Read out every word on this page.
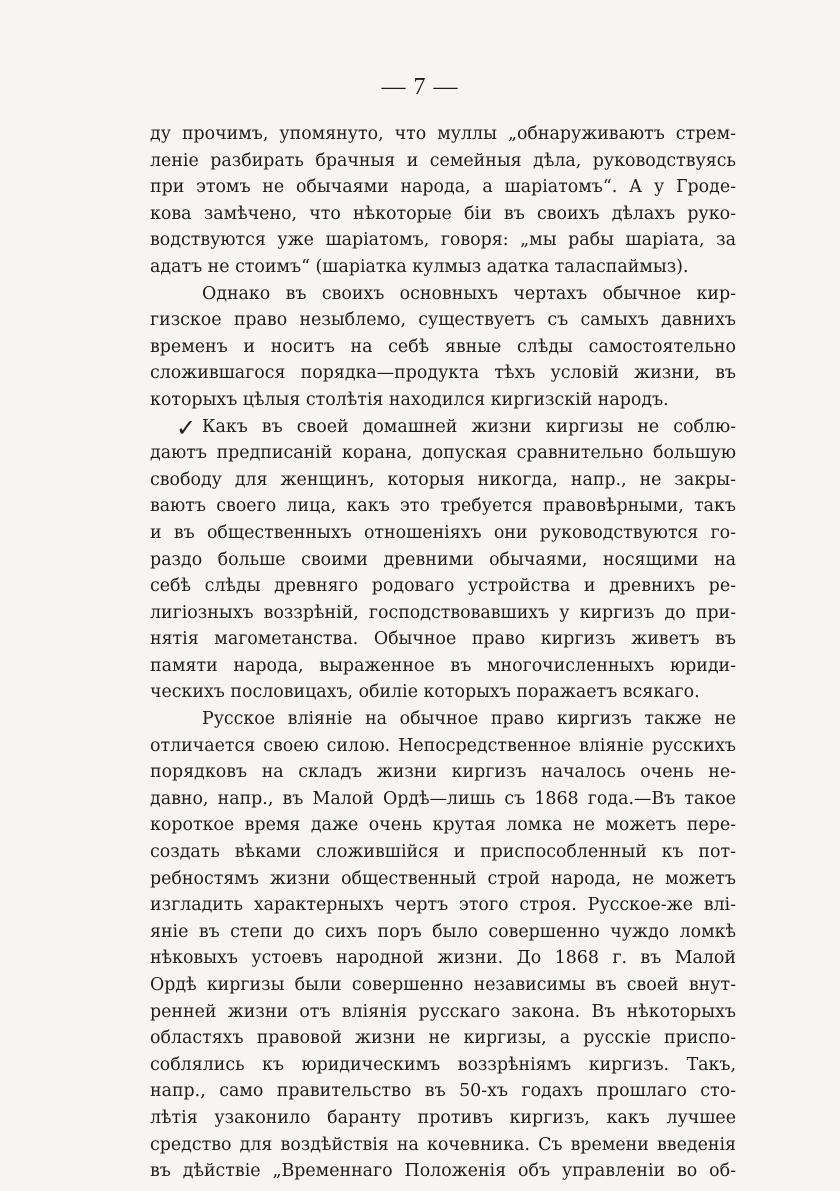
— 7 —
✓
ду прочимъ, упомянуто, что муллы „обнаруживаютъ стрем-
леніе разбирать брачныя и семейныя дѣла, руководствуясь
при этомъ не обычаями народа, а шаріатомъ“. А у Гроде-
кова замѣчено, что нѣкоторые біи въ своихъ дѣлахъ руко-
водствуются уже шаріатомъ, говоря: „мы рабы шаріата, за
адатъ не стоимъ“ (шаріатка кулмыз адатка таласпаймыз).
Однако въ своихъ основныхъ чертахъ обычное кир-
гизское право незыблемо, существуетъ съ самыхъ давнихъ
временъ и носитъ на себѣ явные слѣды самостоятельно
сложившагося порядка—продукта тѣхъ условій жизни, въ
которыхъ цѣлыя столѣтія находился киргизскій народъ.
Какъ въ своей домашней жизни киргизы не соблю-
даютъ предписаній корана, допуская сравнительно большую
свободу для женщинъ, которыя никогда, напр., не закры-
ваютъ своего лица, какъ это требуется правовѣрными, такъ
и въ общественныхъ отношеніяхъ они руководствуются го-
раздо больше своими древними обычаями, носящими на
себѣ слѣды древняго родоваго устройства и древнихъ ре-
лигіозныхъ воззрѣній, господствовавшихъ у киргизъ до при-
нятія магометанства. Обычное право киргизъ живетъ въ
памяти народа, выраженное въ многочисленныхъ юриди-
ческихъ пословицахъ, обиліе которыхъ поражаетъ всякаго.
Русское вліяніе на обычное право киргизъ также не
отличается своею силою. Непосредственное вліяніе русскихъ
порядковъ на складъ жизни киргизъ началось очень не-
давно, напр., въ Малой Ордѣ—лишь съ 1868 года.—Въ такое
короткое время даже очень крутая ломка не можетъ пере-
создать вѣками сложившійся и приспособленный къ пот-
ребностямъ жизни общественный строй народа, не можетъ
изгладить характерныхъ чертъ этого строя. Русское-же влі-
яніе въ степи до сихъ поръ было совершенно чуждо ломкѣ
нѣковыхъ устоевъ народной жизни. До 1868 г. въ Малой
Ордѣ киргизы были совершенно независимы въ своей внут-
ренней жизни отъ вліянія русскаго закона. Въ нѣкоторыхъ
областяхъ правовой жизни не киргизы, а русскіе приспо-
соблялись къ юридическимъ воззрѣніямъ киргизъ. Такъ,
напр., само правительство въ 50-хъ годахъ прошлаго сто-
лѣтія узаконило баранту противъ киргизъ, какъ лучшее
средство для воздѣйствія на кочевника. Съ времени введенія
въ дѣйствіе „Временнаго Положенія объ управленіи во об-
